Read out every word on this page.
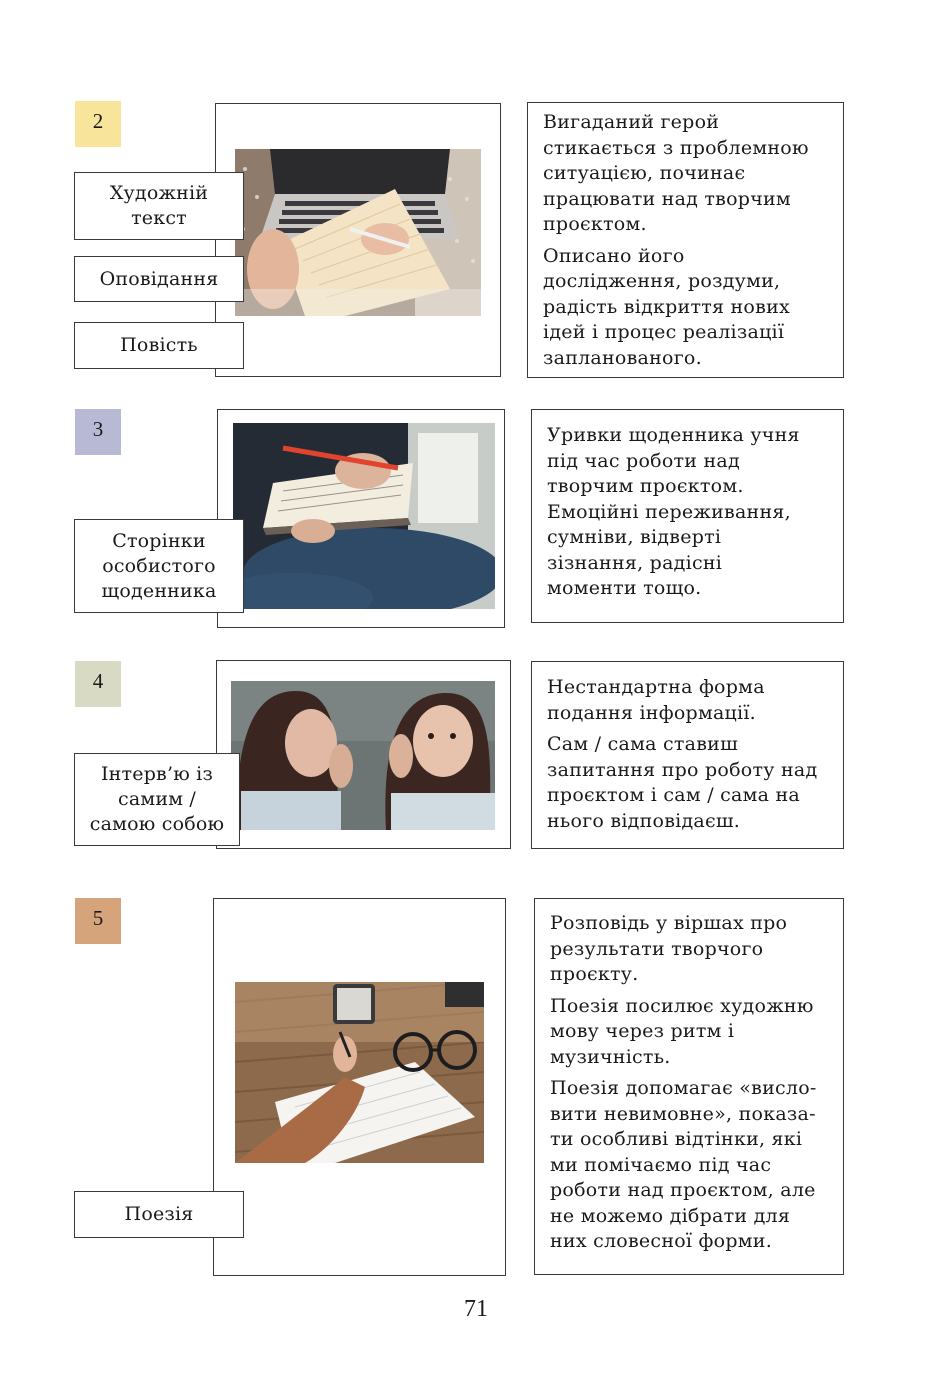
2
Художній
текст
Оповідання
Повість

Вигаданий герой
стикається з проблемною
ситуацією, починає
працювати над творчим
проєктом.

Описано його
дослідження, роздуми,
радість відкриття нових
ідей і процес реалізації
запланованого.

3
Сторінки
особистого
щоденника

Уривки щоденника учня
під час роботи над
творчим проєктом.
Емоційні переживання,
сумніви, відверті
зізнання, радісні
моменти тощо.

4
Інтерв’ю із
самим /
самою собою

Нестандартна форма
подання інформації.

Сам / сама ставиш
запитання про роботу над
проєктом і сам / сама на
нього відповідаєш.

5
Поезія

Розповідь у віршах про
результати творчого
проєкту.

Поезія посилює художню
мову через ритм і
музичність.

Поезія допомагає «висло-
вити невимовне», показа-
ти особливі відтінки, які
ми помічаємо під час
роботи над проєктом, але
не можемо дібрати для
них словесної форми.

71
